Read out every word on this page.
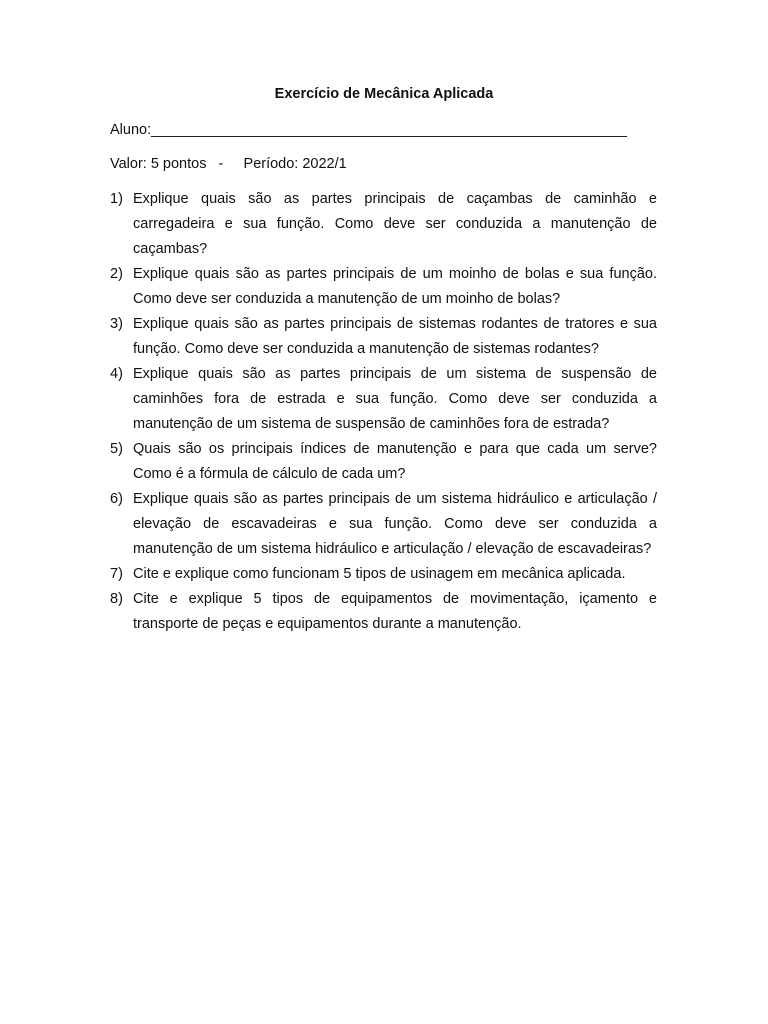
Exercício de Mecânica Aplicada
Aluno:___________________________________________________________
Valor: 5 pontos   -     Período: 2022/1
1) Explique quais são as partes principais de caçambas de caminhão e carregadeira e sua função. Como deve ser conduzida a manutenção de caçambas?
2) Explique quais são as partes principais de um moinho de bolas e sua função. Como deve ser conduzida a manutenção de um moinho de bolas?
3) Explique quais são as partes principais de sistemas rodantes de tratores e sua função. Como deve ser conduzida a manutenção de sistemas rodantes?
4) Explique quais são as partes principais de um sistema de suspensão de caminhões fora de estrada e sua função. Como deve ser conduzida a manutenção de um sistema de suspensão de caminhões fora de estrada?
5) Quais são os principais índices de manutenção e para que cada um serve? Como é a fórmula de cálculo de cada um?
6) Explique quais são as partes principais de um sistema hidráulico e articulação / elevação de escavadeiras e sua função. Como deve ser conduzida a manutenção de um sistema hidráulico e articulação / elevação de escavadeiras?
7) Cite e explique como funcionam 5 tipos de usinagem em mecânica aplicada.
8) Cite e explique 5 tipos de equipamentos de movimentação, içamento e transporte de peças e equipamentos durante a manutenção.
